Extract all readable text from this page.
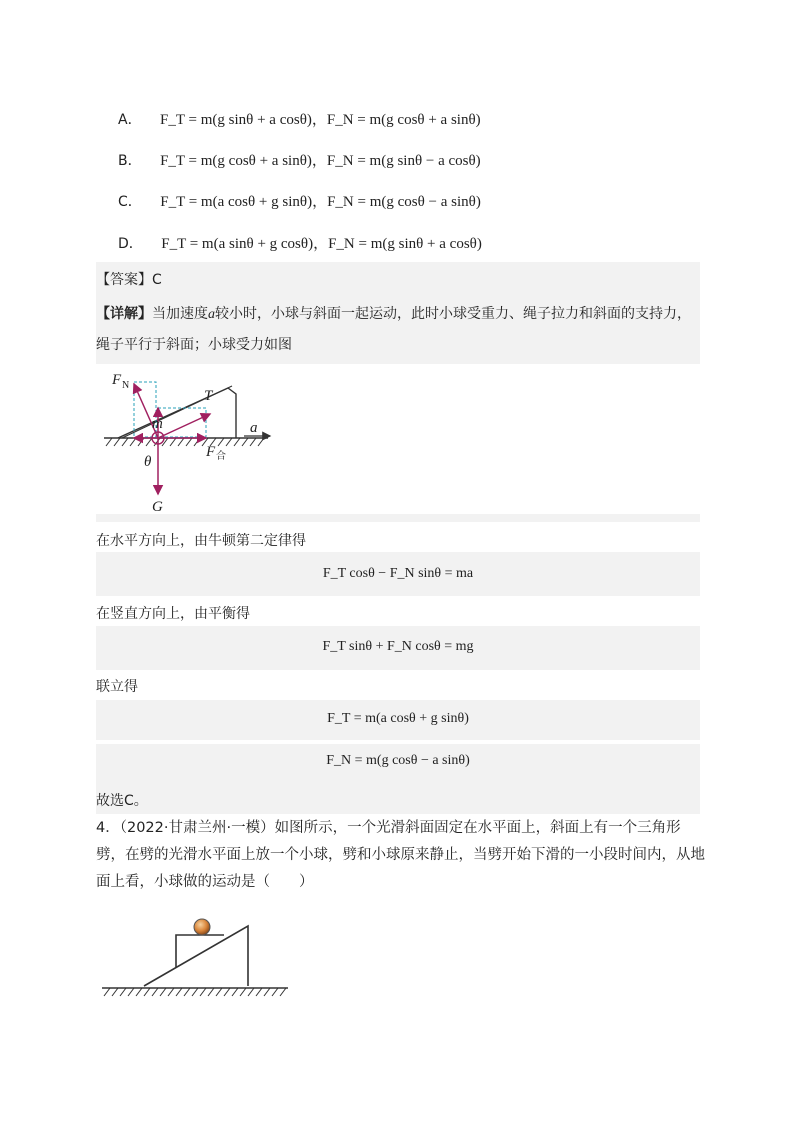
A． F_T = m(g sinθ + a cosθ)，F_N = m(g cosθ + a sinθ)
B． F_T = m(g cosθ + a sinθ)，F_N = m(g sinθ − a cosθ)
C． F_T = m(a cosθ + g sinθ)，F_N = m(g cosθ − a sinθ)
D． F_T = m(a sinθ + g cosθ)，F_N = m(g sinθ + a cosθ)
【答案】C
【详解】当加速度a较小时，小球与斜面一起运动，此时小球受重力、绳子拉力和斜面的支持力，
绳子平行于斜面；小球受力如图
F N
T
m	a
F 合
θ
G
在水平方向上，由牛顿第二定律得
F_T cosθ − F_N sinθ = ma
在竖直方向上，由平衡得
F_T sinθ + F_N cosθ = mg
联立得
F_T = m(a cosθ + g sinθ)
F_N = m(g cosθ − a sinθ)
故选C。
4．（2022·甘肃兰州·一模）如图所示，一个光滑斜面固定在水平面上，斜面上有一个三角形劈，在劈的光滑水平面上放一个小球，劈和小球原来静止，当劈开始下滑的一小段时间内，从地面上看，小球做的运动是（　　）
